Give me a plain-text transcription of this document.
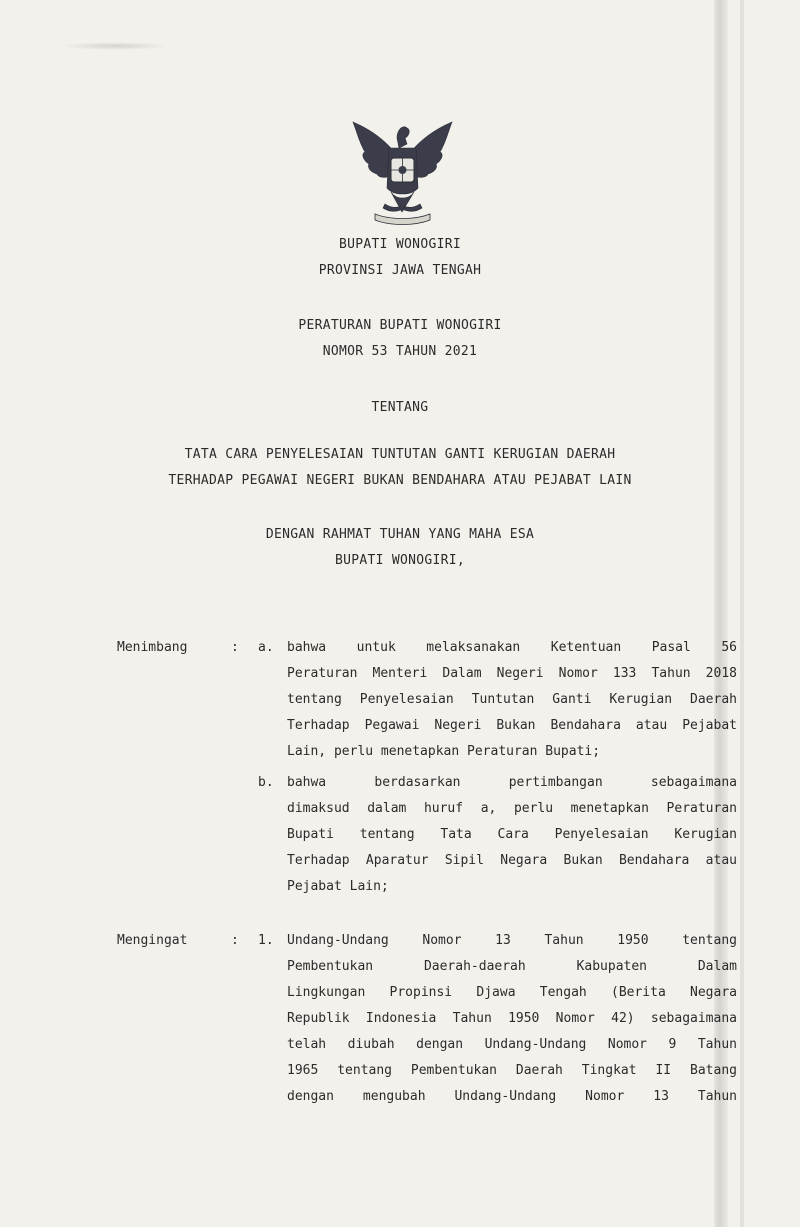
BUPATI WONOGIRI
PROVINSI JAWA TENGAH
PERATURAN BUPATI WONOGIRI
NOMOR 53 TAHUN 2021
TENTANG
TATA CARA PENYELESAIAN TUNTUTAN GANTI KERUGIAN DAERAH
TERHADAP PEGAWAI NEGERI BUKAN BENDAHARA ATAU PEJABAT LAIN
DENGAN RAHMAT TUHAN YANG MAHA ESA
BUPATI WONOGIRI,
Menimbang	: a. bahwa untuk melaksanakan Ketentuan Pasal 56
Peraturan Menteri Dalam Negeri Nomor 133 Tahun 2018
tentang Penyelesaian Tuntutan Ganti Kerugian Daerah
Terhadap Pegawai Negeri Bukan Bendahara atau Pejabat
Lain, perlu menetapkan Peraturan Bupati;
b. bahwa berdasarkan pertimbangan sebagaimana
dimaksud dalam huruf a, perlu menetapkan Peraturan
Bupati tentang Tata Cara Penyelesaian Kerugian
Terhadap Aparatur Sipil Negara Bukan Bendahara atau
Pejabat Lain;
Mengingat	: 1. Undang-Undang Nomor 13 Tahun 1950 tentang
Pembentukan Daerah-daerah Kabupaten Dalam
Lingkungan Propinsi Djawa Tengah (Berita Negara
Republik Indonesia Tahun 1950 Nomor 42) sebagaimana
telah diubah dengan Undang-Undang Nomor 9 Tahun
1965 tentang Pembentukan Daerah Tingkat II Batang
dengan mengubah Undang-Undang Nomor 13 Tahun
